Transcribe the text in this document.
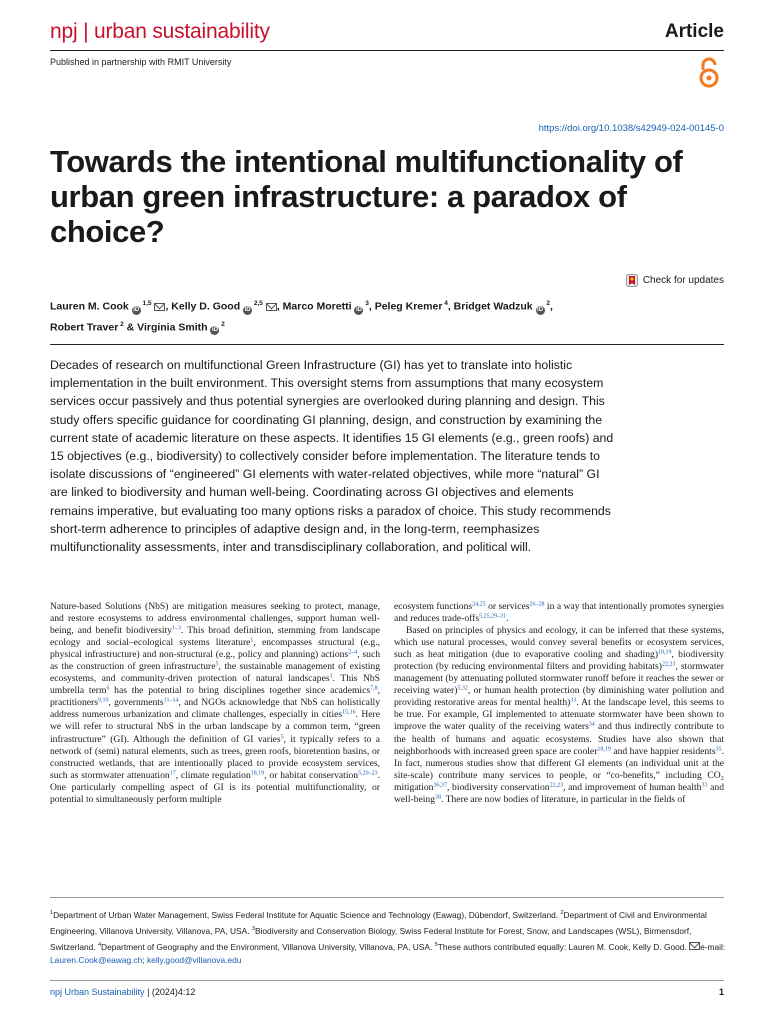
npj | urban sustainability	Article
Published in partnership with RMIT University
https://doi.org/10.1038/s42949-024-00145-0
Towards the intentional multifunctionality of urban green infrastructure: a paradox of choice?
Check for updates
Lauren M. Cook iD $^{1,5}$ , Kelly D. Good iD $^{2,5}$ , Marco Moretti iD $^3$, Peleg Kremer $^4$, Bridget Wadzuk iD $^2$,
Robert Traver $^2$ & Virginia Smith iD $^2$
Decades of research on multifunctional Green Infrastructure (GI) has yet to translate into holistic implementation in the built environment. This oversight stems from assumptions that many ecosystem services occur passively and thus potential synergies are overlooked during planning and design. This study offers specific guidance for coordinating GI planning, design, and construction by examining the current state of academic literature on these aspects. It identifies 15 GI elements (e.g., green roofs) and 15 objectives (e.g., biodiversity) to collectively consider before implementation. The literature tends to isolate discussions of “engineered” GI elements with water-related objectives, while more “natural” GI are linked to biodiversity and human well-being. Coordinating across GI objectives and elements remains imperative, but evaluating too many options risks a paradox of choice. This study recommends short-term adherence to principles of adaptive design and, in the long-term, reemphasizes multifunctionality assessments, inter and transdisciplinary collaboration, and political will.

Nature-based Solutions (NbS) are mitigation measures seeking to protect, manage, and restore ecosystems to address environmental challenges, support human well-being, and benefit biodiversity$^{1-3}$. This broad definition, stemming from landscape ecology and social–ecological systems literature$^1$, encompasses structural (e.g., physical infrastructure) and non-structural (e.g., policy and planning) actions$^{2-4}$, such as the construction of green infrastructure$^5$, the sustainable management of existing ecosystems, and community-driven protection of natural landscapes$^1$. This NbS umbrella term$^6$ has the potential to bring disciplines together since academics$^{7,8}$, practitioners$^{9,10}$, governments$^{11-14}$, and NGOs acknowledge that NbS can holistically address numerous urbanization and climate challenges, especially in cities$^{15,16}$. Here we will refer to structural NbS in the urban landscape by a common term, “green infrastructure” (GI). Although the definition of GI varies$^5$, it typically refers to a network of (semi) natural elements, such as trees, green roofs, bioretention basins, or constructed wetlands, that are intentionally placed to provide ecosystem services, such as stormwater attenuation$^{17}$, climate regulation$^{18,19}$, or habitat conservation$^{5,20-23}$. One particularly compelling aspect of GI is its potential multifunctionality, or potential to simultaneously perform multiple

ecosystem functions$^{24,25}$ or services$^{26-28}$ in a way that intentionally promotes synergies and reduces trade-offs$^{5,25,29-31}$.

Based on principles of physics and ecology, it can be inferred that these systems, which use natural processes, would convey several benefits or ecosystem services, such as heat mitigation (due to evaporative cooling and shading)$^{18,19}$, biodiversity protection (by reducing environmental filters and providing habitats)$^{22,23}$, stormwater management (by attenuating polluted stormwater runoff before it reaches the sewer or receiving water)$^{5,32}$, or human health protection (by diminishing water pollution and providing restorative areas for mental health)$^{33}$. At the landscape level, this seems to be true. For example, GI implemented to attenuate stormwater have been shown to improve the water quality of the receiving waters$^{34}$ and thus indirectly contribute to the health of humans and aquatic ecosystems. Studies have also shown that neighborhoods with increased green space are cooler$^{18,19}$ and have happier residents$^{35}$. In fact, numerous studies show that different GI elements (an individual unit at the site-scale) contribute many services to people, or “co-benefits,” including CO₂ mitigation$^{36,37}$, biodiversity conservation$^{22,23}$, and improvement of human health$^{33}$ and well-being$^{38}$. There are now bodies of literature, in particular in the fields of

$^1$Department of Urban Water Management, Swiss Federal Institute for Aquatic Science and Technology (Eawag), Dübendorf, Switzerland. $^2$Department of Civil and Environmental Engineering, Villanova University, Villanova, PA, USA. $^3$Biodiversity and Conservation Biology, Swiss Federal Institute for Forest, Snow, and Landscapes (WSL), Birmensdorf, Switzerland. $^4$Department of Geography and the Environment, Villanova University, Villanova, PA, USA. $^5$These authors contributed equally: Lauren M. Cook, Kelly D. Good. e-mail: Lauren.Cook@eawag.ch; kelly.good@villanova.edu
npj Urban Sustainability | (2024)4:12	1
